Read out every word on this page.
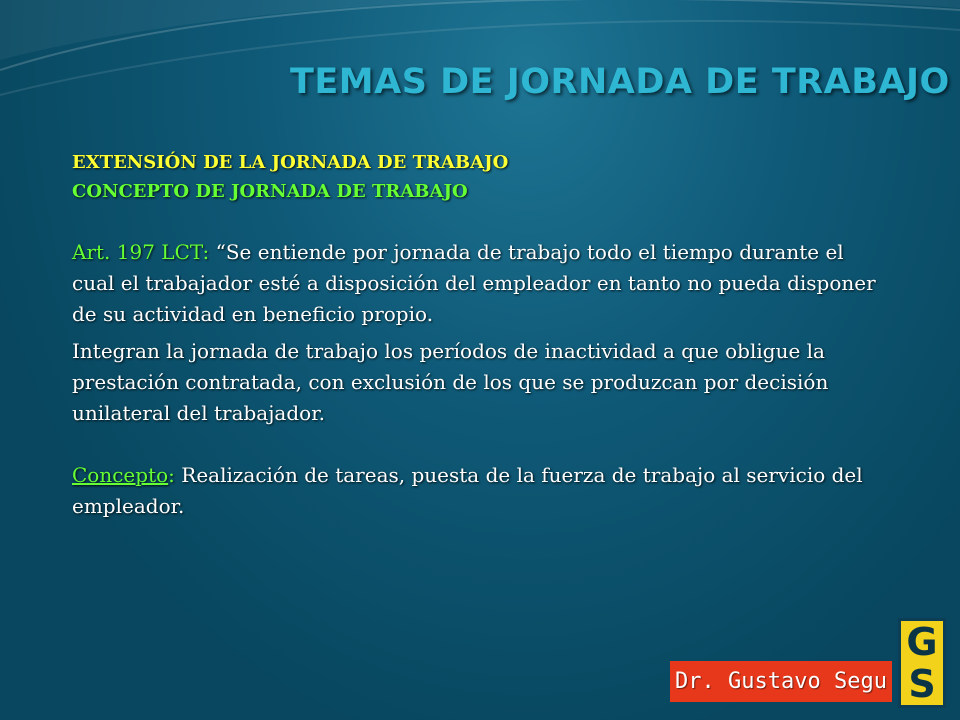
TEMAS DE JORNADA DE TRABAJO

EXTENSIÓN DE LA JORNADA DE TRABAJO

CONCEPTO DE JORNADA DE TRABAJO

Art. 197 LCT: “Se entiende por jornada de trabajo todo el tiempo durante el cual el trabajador esté a disposición del empleador en tanto no pueda disponer de su actividad en beneficio propio.

Integran la jornada de trabajo los períodos de inactividad a que obligue la prestación contratada, con exclusión de los que se produzcan por decisión unilateral del trabajador.

Concepto: Realización de tareas, puesta de la fuerza de trabajo al servicio del empleador.

Dr. Gustavo Segu
G
S
